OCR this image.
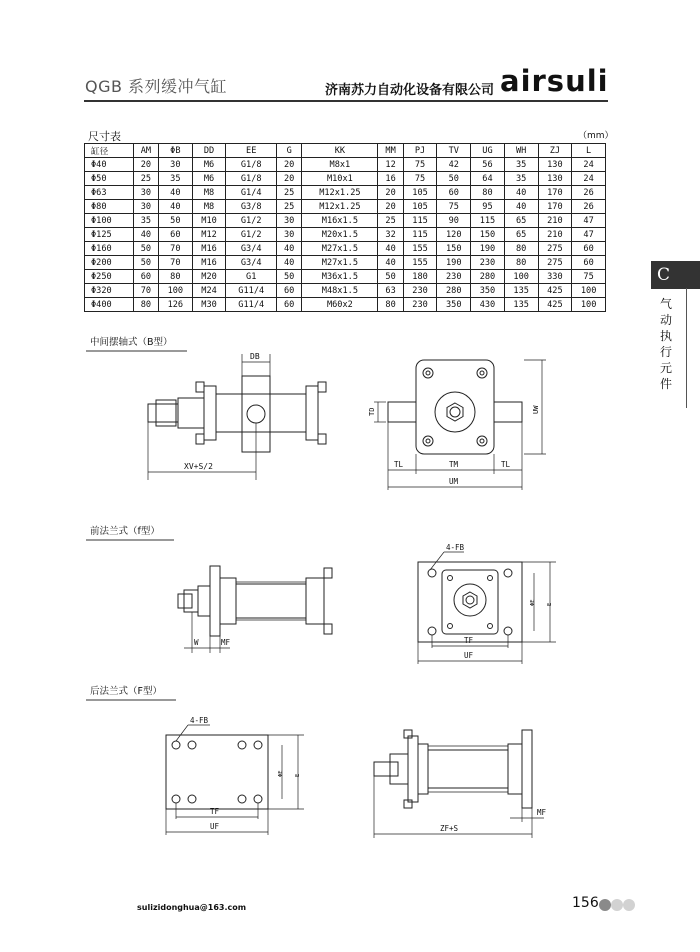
QGB 系列缓冲气缸	济南苏力自动化设备有限公司 airsuli
尺寸表	（mm）
缸径	AM	ΦB	DD	EE	G	KK	MM	PJ	TV	UG	WH	ZJ	L
Φ40	20	30	M6	G1/8	20	M8x1	12	75	42	56	35	130	24
Φ50	25	35	M6	G1/8	20	M10x1	16	75	50	64	35	130	24
Φ63	30	40	M8	G1/4	25	M12x1.25	20	105	60	80	40	170	26
Φ80	30	40	M8	G3/8	25	M12x1.25	20	105	75	95	40	170	26
Φ100	35	50	M10	G1/2	30	M16x1.5	25	115	90	115	65	210	47
Φ125	40	60	M12	G1/2	30	M20x1.5	32	115	120	150	65	210	47
Φ160	50	70	M16	G3/4	40	M27x1.5	40	155	150	190	80	275	60
Φ200	50	70	M16	G3/4	40	M27x1.5	40	155	190	230	80	275	60
Φ250	60	80	M20	G1	50	M36x1.5	50	180	230	280	100	330	75
Φ320	70	100	M24	G11/4	60	M48x1.5	63	230	280	350	135	425	100
Φ400	80	126	M30	G11/4	60	M60x2	80	230	350	430	135	425	100
C
气动执行元件
中间摆轴式（B型）
前法兰式（f型）
后法兰式（F型）
DB
XV+S/2
TD	UW
TL	TM	TL
UM
W	MF
4-FB
ΦE E
TF
UF
4-FB
ΦE E
TF
UF
MF
ZF+S
sulizidonghua@163.com	156
